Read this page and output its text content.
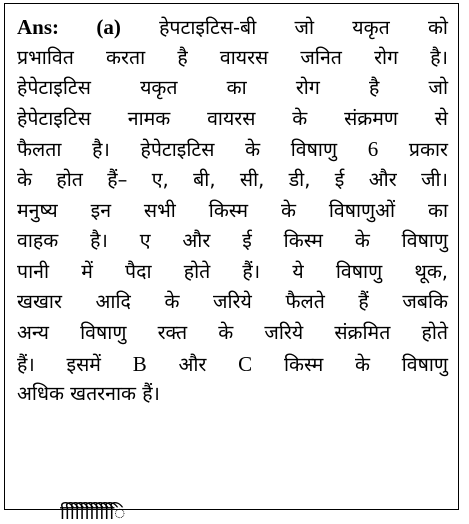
Ans: (a) हेपटाइटिस-बी जो यकृत को
प्रभावित करता है वायरस जनित रोग है।
हेपेटाइटिस यकृत का रोग है जो
हेपेटाइटिस नामक वायरस के संक्रमण से
फैलता है। हेपेटाइटिस के विषाणु 6 प्रकार
के होत हैं– ए, बी, सी, डी, ई और जी।
मनुष्य इन सभी किस्म के विषाणुओं का
वाहक है। ए और ई किस्म के विषाणु
पानी में पैदा होते हैं। ये विषाणु थूक,
खखार आदि के जरिये फैलते हैं जबकि
अन्य विषाणु रक्त के जरिये संक्रमित होते
हैं। इसमें B और C किस्म के विषाणु
अधिक खतरनाक हैं।
ििििििििििि
